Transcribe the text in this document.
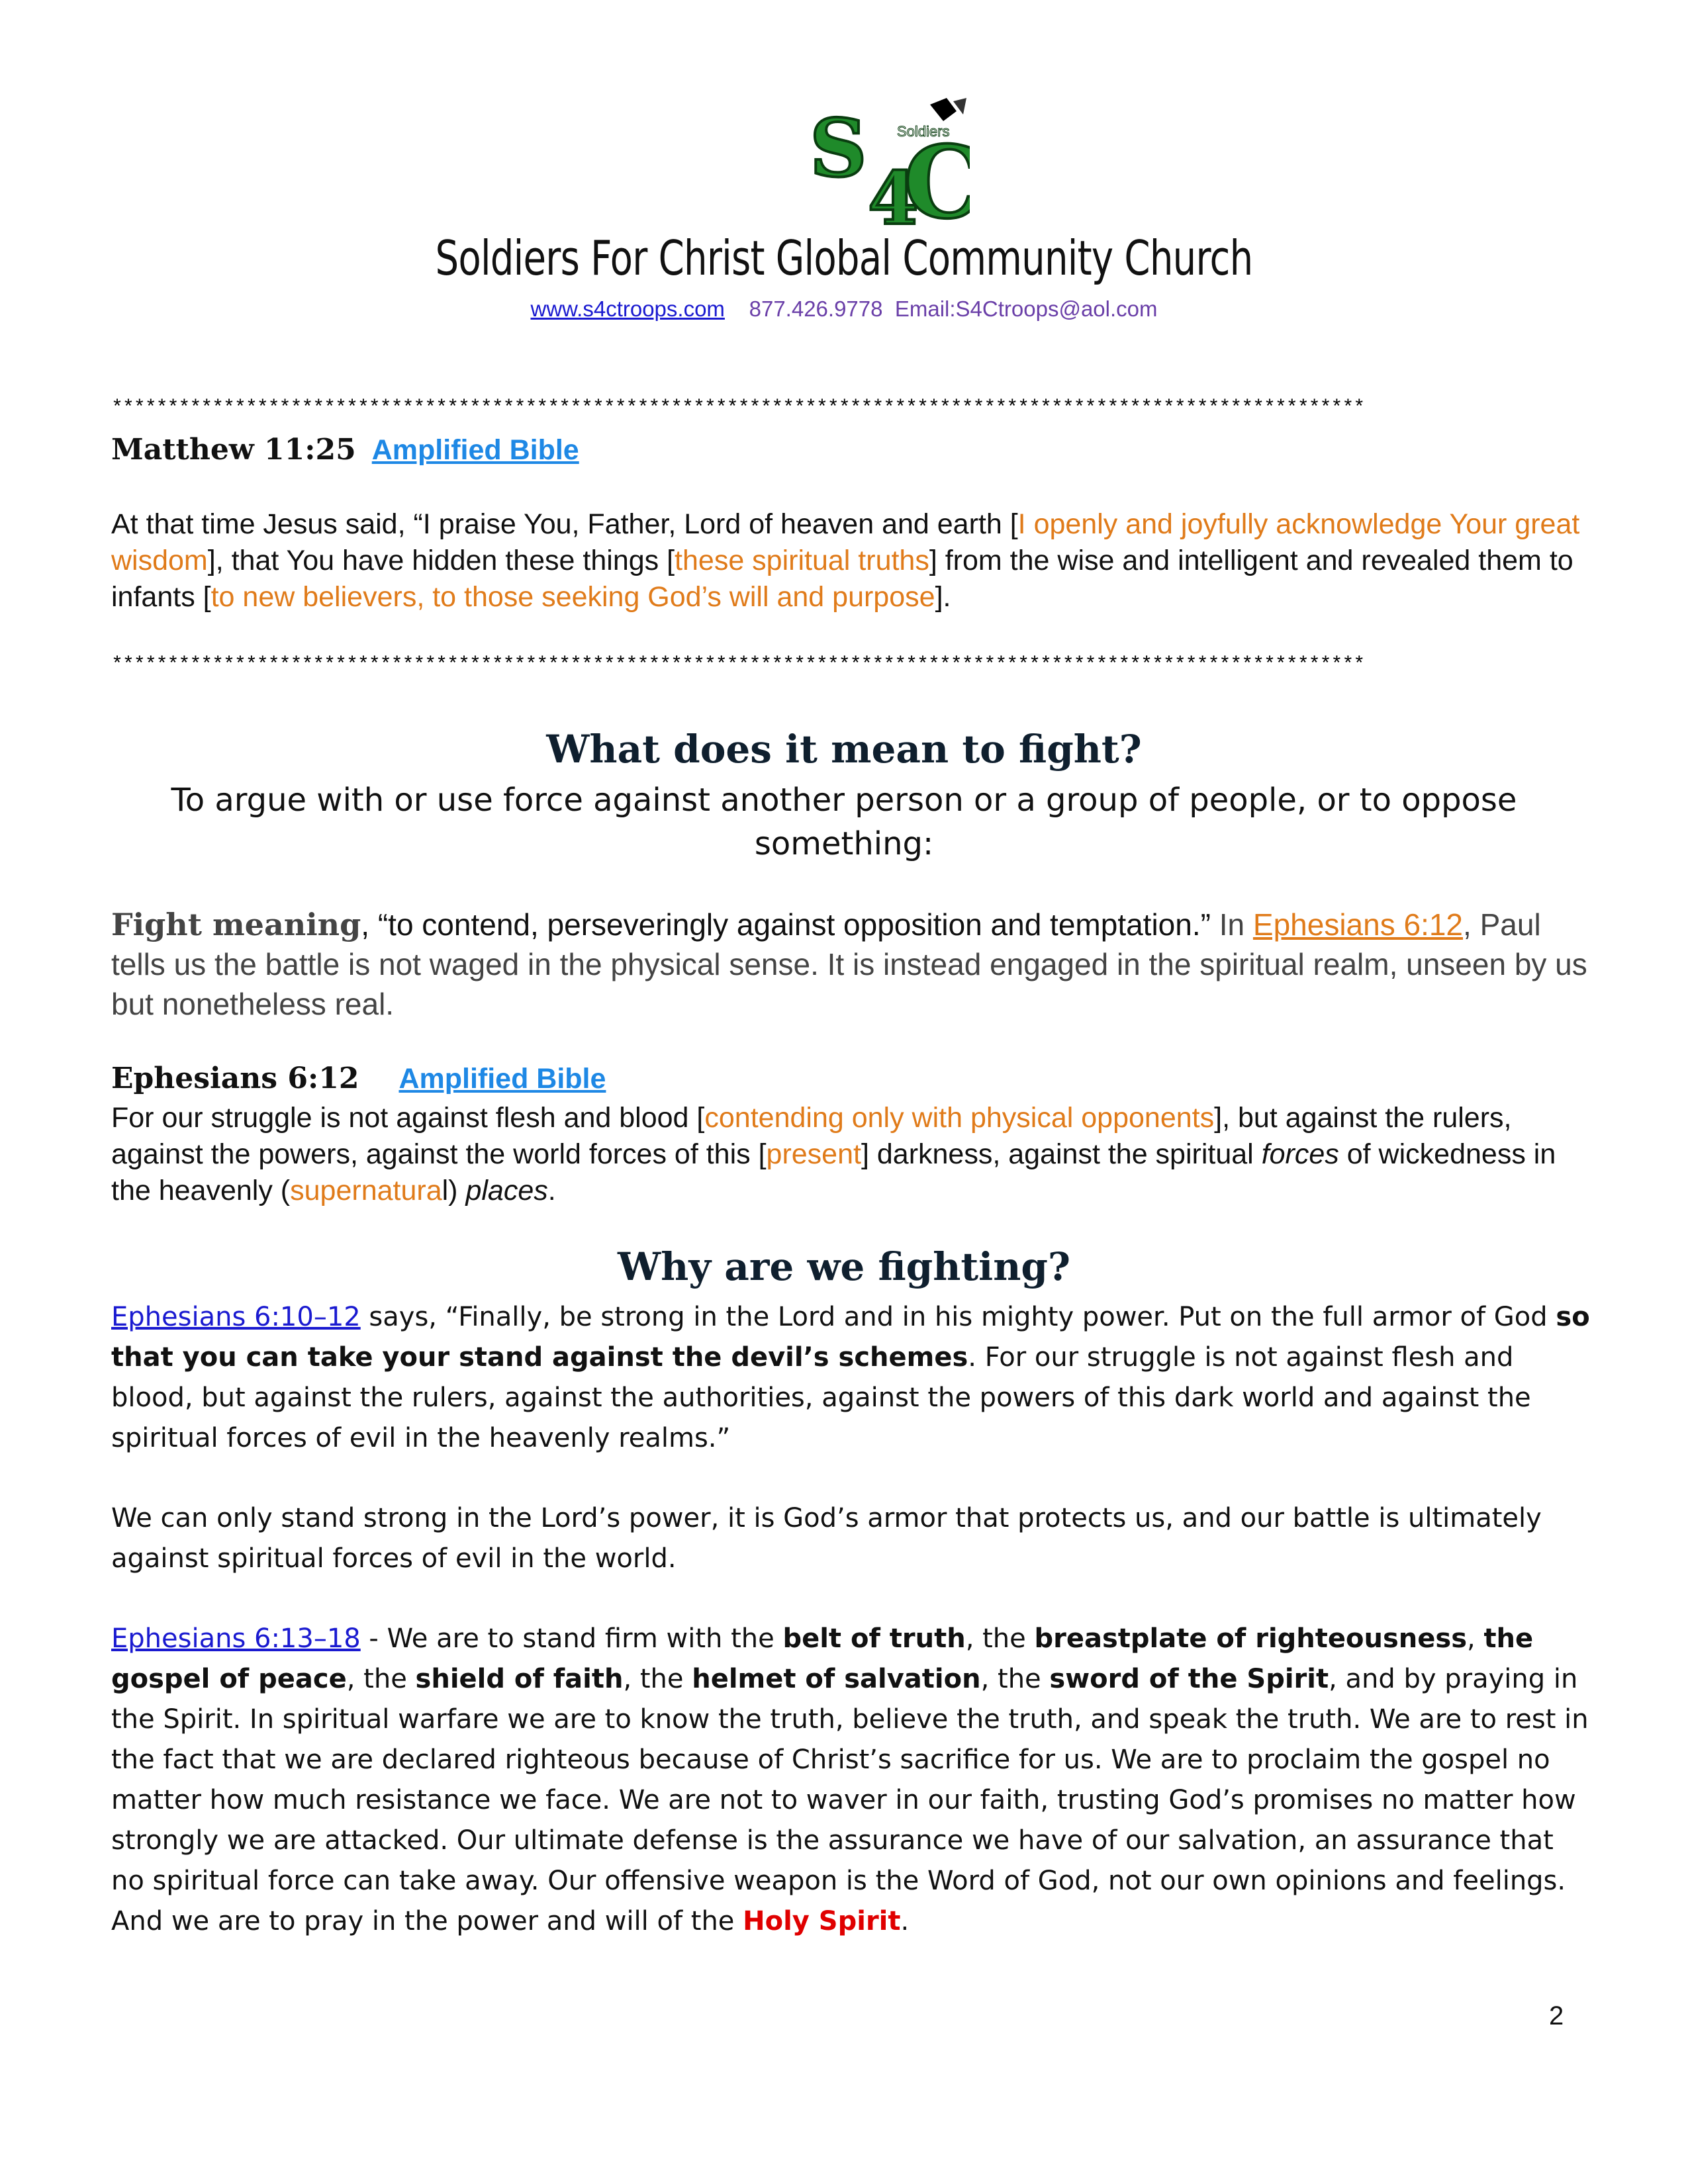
S
4
C
Soldiers
Soldiers For Christ Global Community Church
www.s4ctroops.com 877.426.9778 Email:S4Ctroops@aol.com
****************************************************************************************************************
Matthew 11:25 Amplified Bible
At that time Jesus said, “I praise You, Father, Lord of heaven and earth [I openly and joyfully acknowledge Your great wisdom], that You have hidden these things [these spiritual truths] from the wise and intelligent and revealed them to infants [to new believers, to those seeking God’s will and purpose].
****************************************************************************************************************
What does it mean to fight?
To argue with or use force against another person or a group of people, or to oppose something:
Fight meaning, “to contend, perseveringly against opposition and temptation.” In Ephesians 6:12, Paul tells us the battle is not waged in the physical sense. It is instead engaged in the spiritual realm, unseen by us but nonetheless real.
Ephesians 6:12 Amplified Bible
For our struggle is not against flesh and blood [contending only with physical opponents], but against the rulers, against the powers, against the world forces of this [present] darkness, against the spiritual forces of wickedness in the heavenly (supernatural) places.
Why are we fighting?
Ephesians 6:10–12 says, “Finally, be strong in the Lord and in his mighty power. Put on the full armor of God so that you can take your stand against the devil’s schemes. For our struggle is not against flesh and blood, but against the rulers, against the authorities, against the powers of this dark world and against the spiritual forces of evil in the heavenly realms.”
We can only stand strong in the Lord’s power, it is God’s armor that protects us, and our battle is ultimately against spiritual forces of evil in the world.
Ephesians 6:13–18 - We are to stand firm with the belt of truth, the breastplate of righteousness, the gospel of peace, the shield of faith, the helmet of salvation, the sword of the Spirit, and by praying in the Spirit. In spiritual warfare we are to know the truth, believe the truth, and speak the truth. We are to rest in the fact that we are declared righteous because of Christ’s sacrifice for us. We are to proclaim the gospel no matter how much resistance we face. We are not to waver in our faith, trusting God’s promises no matter how strongly we are attacked. Our ultimate defense is the assurance we have of our salvation, an assurance that no spiritual force can take away. Our offensive weapon is the Word of God, not our own opinions and feelings. And we are to pray in the power and will of the Holy Spirit.
2
